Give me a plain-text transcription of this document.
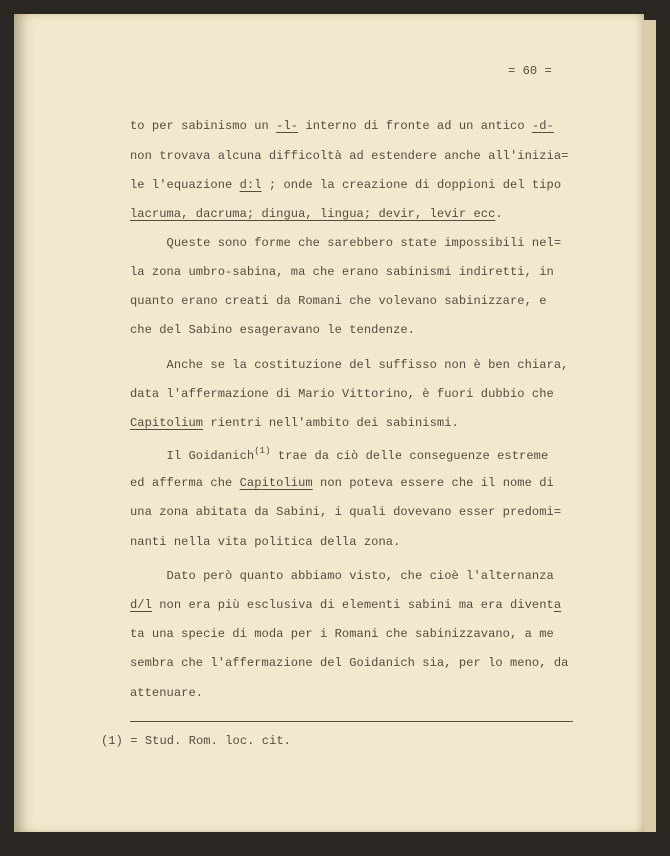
= 60 =
to per sabinismo un -l- interno di fronte ad un antico -d-
non trovava alcuna difficoltà ad estendere anche all'inizia=
le l'equazione d:l ; onde la creazione di doppioni del tipo
lacruma, dacruma; dingua, lingua; devir, levir ecc.
Queste sono forme che sarebbero state impossibili nel=
la zona umbro-sabina, ma che erano sabinismi indiretti, in
quanto erano creati da Romani che volevano sabinizzare, e
che del Sabino esageravano le tendenze.
Anche se la costituzione del suffisso non è ben chiara,
data l'affermazione di Mario Vittorino, è fuori dubbio che
Capitolium rientri nell'ambito dei sabinismi.
Il Goidanich$^{(1)}$ trae da ciò delle conseguenze estreme
ed afferma che Capitolium non poteva essere che il nome di
una zona abitata da Sabini, i quali dovevano esser predomi=
nanti nella vita politica della zona.
Dato però quanto abbiamo visto, che cioè l'alternanza
d/l non era più esclusiva di elementi sabini ma era diventa
ta una specie di moda per i Romani che sabinizzavano, a me
sembra che l'affermazione del Goidanich sia, per lo meno, da
attenuare.
(1) = Stud. Rom. loc. cit.
